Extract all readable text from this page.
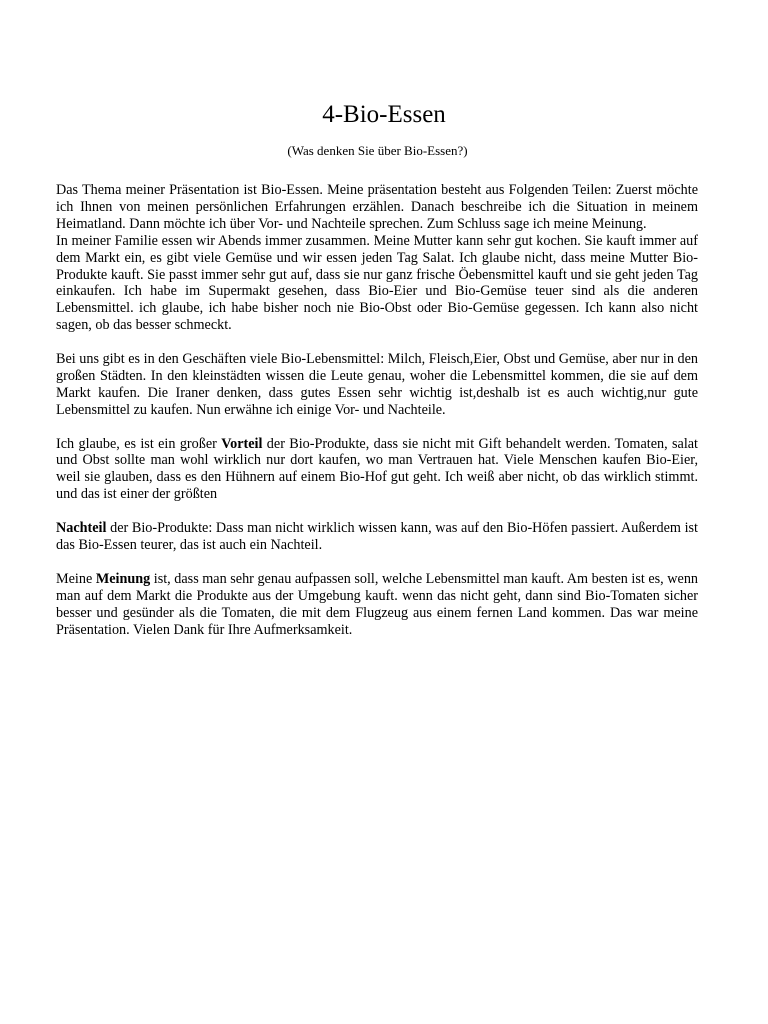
4-Bio-Essen
(Was denken Sie über Bio-Essen?)

Das Thema meiner Präsentation ist Bio-Essen. Meine präsentation besteht aus Folgenden Teilen: Zuerst möchte ich Ihnen von meinen persönlichen Erfahrungen erzählen. Danach beschreibe ich die Situation in meinem Heimatland. Dann möchte ich über Vor- und Nachteile sprechen. Zum Schluss sage ich meine Meinung.

In meiner Familie essen wir Abends immer zusammen. Meine Mutter kann sehr gut kochen. Sie kauft immer auf dem Markt ein, es gibt viele Gemüse und wir essen jeden Tag Salat. Ich glaube nicht, dass meine Mutter Bio-Produkte kauft. Sie passt immer sehr gut auf, dass sie nur ganz frische Öebensmittel kauft und sie geht jeden Tag einkaufen. Ich habe im Supermakt gesehen, dass Bio-Eier und Bio-Gemüse teuer sind als die anderen Lebensmittel. ich glaube, ich habe bisher noch nie Bio-Obst oder Bio-Gemüse gegessen. Ich kann also nicht sagen, ob das besser schmeckt.

Bei uns gibt es in den Geschäften viele Bio-Lebensmittel: Milch, Fleisch,Eier, Obst und Gemüse, aber nur in den großen Städten. In den kleinstädten wissen die Leute genau, woher die Lebensmittel kommen, die sie auf dem Markt kaufen. Die Iraner denken, dass gutes Essen sehr wichtig ist,deshalb ist es auch wichtig,nur gute Lebensmittel zu kaufen. Nun erwähne ich einige Vor- und Nachteile.

Ich glaube, es ist ein großer Vorteil der Bio-Produkte, dass sie nicht mit Gift behandelt werden. Tomaten, salat und Obst sollte man wohl wirklich nur dort kaufen, wo man Vertrauen hat. Viele Menschen kaufen Bio-Eier, weil sie glauben, dass es den Hühnern auf einem Bio-Hof gut geht. Ich weiß aber nicht, ob das wirklich stimmt. und das ist einer der größten

Nachteil der Bio-Produkte: Dass man nicht wirklich wissen kann, was auf den Bio-Höfen passiert. Außerdem ist das Bio-Essen teurer, das ist auch ein Nachteil.

Meine Meinung ist, dass man sehr genau aufpassen soll, welche Lebensmittel man kauft. Am besten ist es, wenn man auf dem Markt die Produkte aus der Umgebung kauft. wenn das nicht geht, dann sind Bio-Tomaten sicher besser und gesünder als die Tomaten, die mit dem Flugzeug aus einem fernen Land kommen. Das war meine Präsentation. Vielen Dank für Ihre Aufmerksamkeit.
